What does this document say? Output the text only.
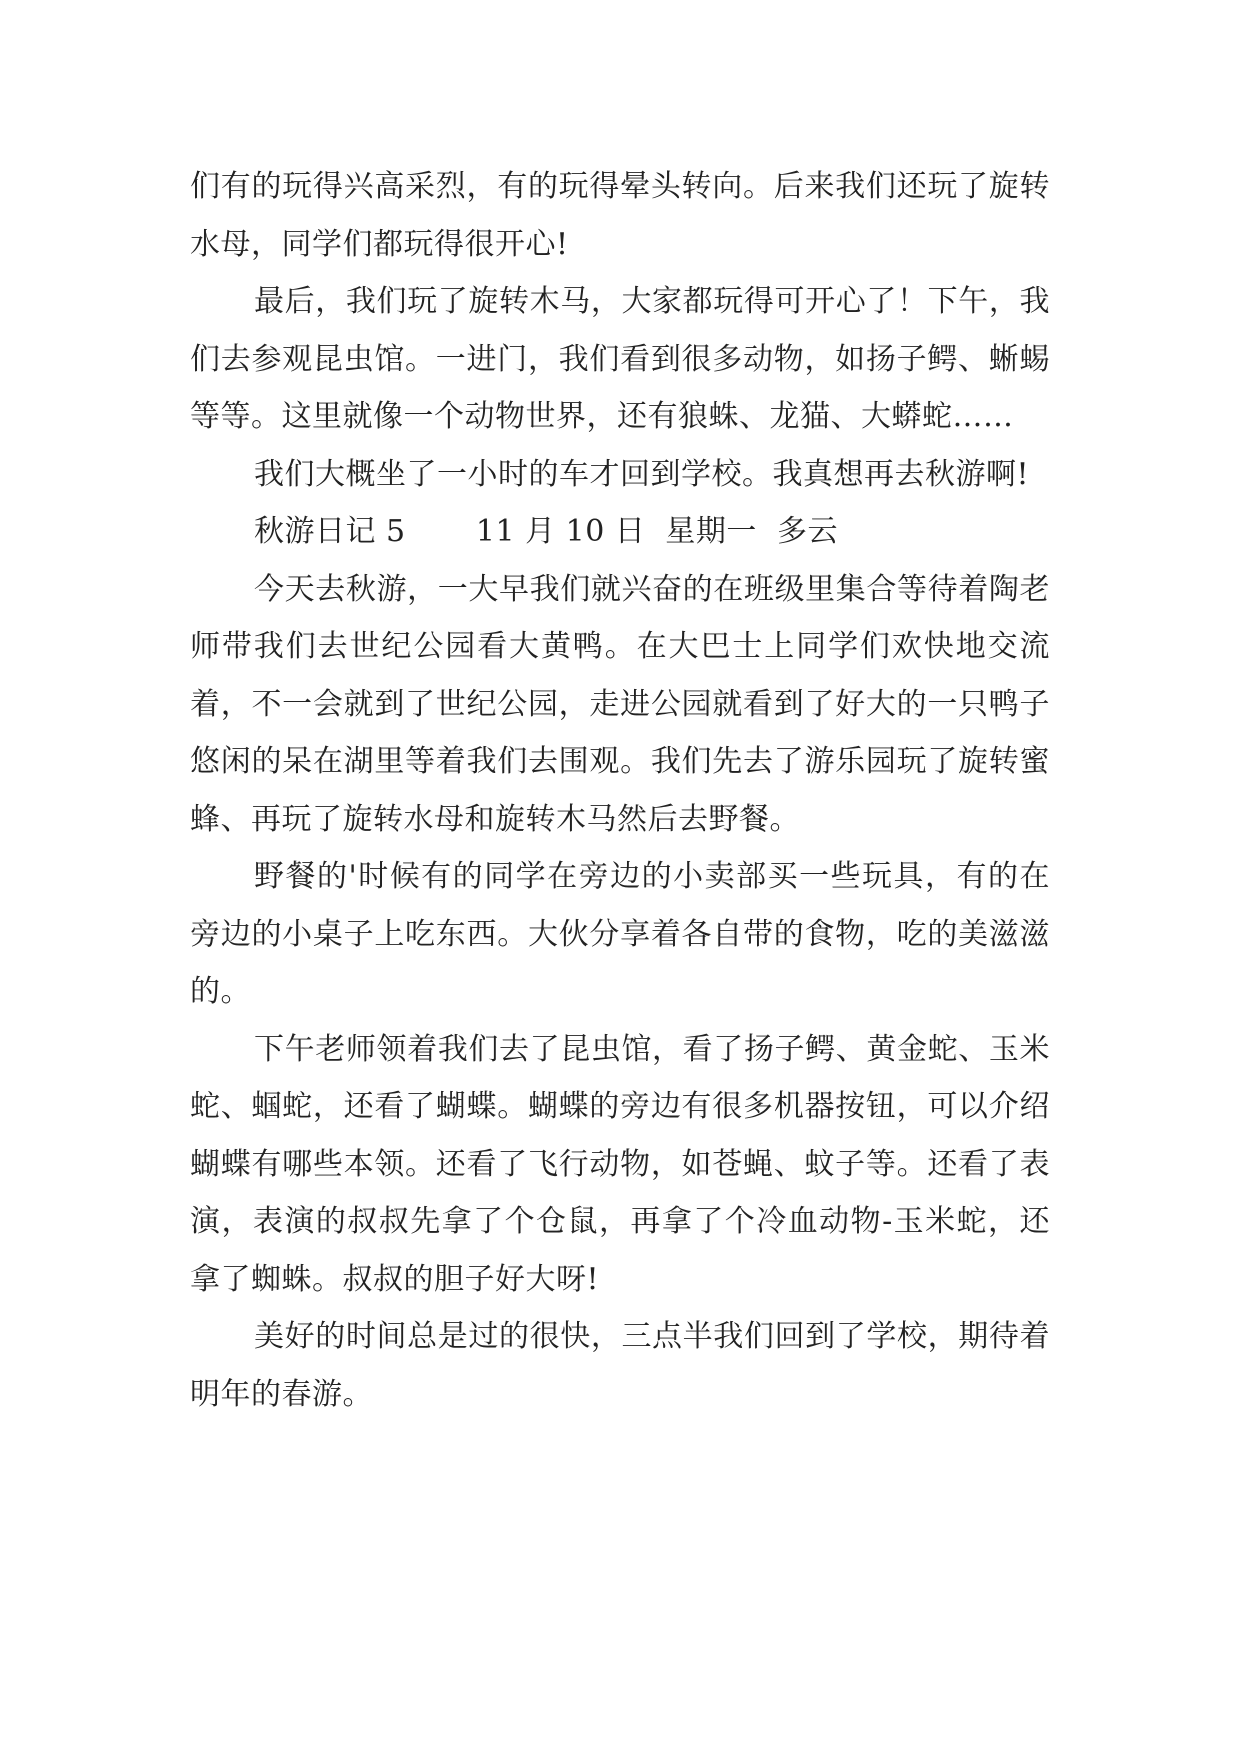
们有的玩得兴高采烈，有的玩得晕头转向。后来我们还玩了旋转水母，同学们都玩得很开心!

最后，我们玩了旋转木马，大家都玩得可开心了！下午，我们去参观昆虫馆。一进门，我们看到很多动物，如扬子鳄、蜥蜴等等。这里就像一个动物世界，还有狼蛛、龙猫、大蟒蛇……

我们大概坐了一小时的车才回到学校。我真想再去秋游啊!

秋游日记 5 11 月 10 日  星期一  多云

今天去秋游，一大早我们就兴奋的在班级里集合等待着陶老师带我们去世纪公园看大黄鸭。在大巴士上同学们欢快地交流着，不一会就到了世纪公园，走进公园就看到了好大的一只鸭子悠闲的呆在湖里等着我们去围观。我们先去了游乐园玩了旋转蜜蜂、再玩了旋转水母和旋转木马然后去野餐。

野餐的'时候有的同学在旁边的小卖部买一些玩具，有的在旁边的小桌子上吃东西。大伙分享着各自带的食物，吃的美滋滋的。

下午老师领着我们去了昆虫馆，看了扬子鳄、黄金蛇、玉米蛇、蝈蛇，还看了蝴蝶。蝴蝶的旁边有很多机器按钮，可以介绍蝴蝶有哪些本领。还看了飞行动物，如苍蝇、蚊子等。还看了表演，表演的叔叔先拿了个仓鼠，再拿了个冷血动物-玉米蛇，还拿了蜘蛛。叔叔的胆子好大呀!

美好的时间总是过的很快，三点半我们回到了学校，期待着明年的春游。
